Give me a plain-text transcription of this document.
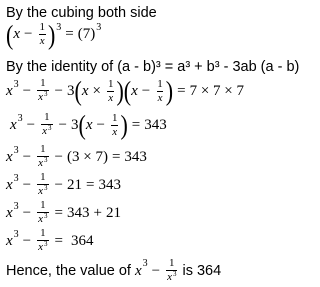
By the cubing both side
( $x - \frac{1}{x}$ ) 3 = (7) 3
By the identity of (a - b)³ = a³ + b³ - 3ab (a - b)
x $3 - \frac{1}{x^3} - 3$ ( $x \times \frac{1}{x}$ ) ( $x - \frac{1}{x}$ ) = 7 × 7 × 7
x $3 - \frac{1}{x^3} - 3$ ( $x - \frac{1}{x}$ ) = 343
x $3 - \frac{1}{x^3} - (3 \times 7) = 343$
x $3 - \frac{1}{x^3} - 21 = 343$
x $3 - \frac{1}{x^3} = 343 + 21$
x $3 - \frac{1}{x^3} = 364$
Hence, the value of x $3 - \frac{1}{x^3}$ is 364
